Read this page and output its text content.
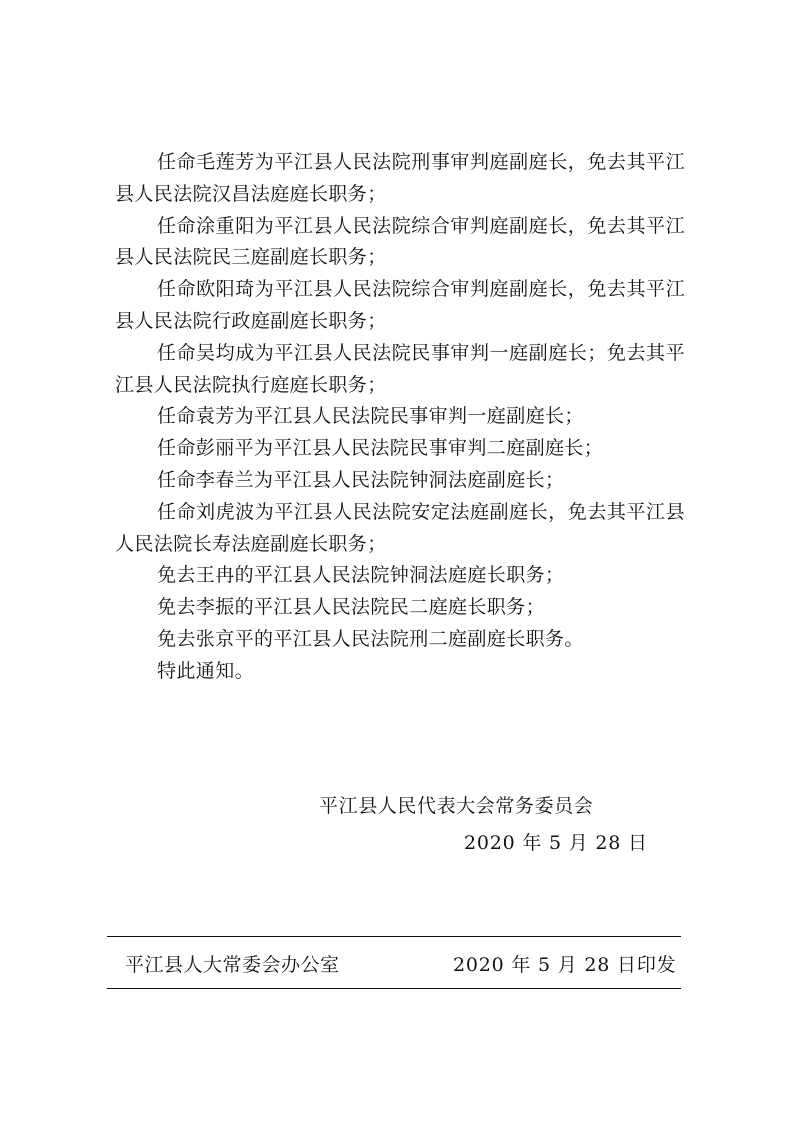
任命毛莲芳为平江县人民法院刑事审判庭副庭长，免去其平江县人民法院汉昌法庭庭长职务；

任命涂重阳为平江县人民法院综合审判庭副庭长，免去其平江县人民法院民三庭副庭长职务；

任命欧阳琦为平江县人民法院综合审判庭副庭长，免去其平江县人民法院行政庭副庭长职务；

任命吴均成为平江县人民法院民事审判一庭副庭长；免去其平江县人民法院执行庭庭长职务；

任命袁芳为平江县人民法院民事审判一庭副庭长；

任命彭丽平为平江县人民法院民事审判二庭副庭长；

任命李春兰为平江县人民法院钟洞法庭副庭长；

任命刘虎波为平江县人民法院安定法庭副庭长，免去其平江县人民法院长寿法庭副庭长职务；

免去王冉的平江县人民法院钟洞法庭庭长职务；

免去李振的平江县人民法院民二庭庭长职务；

免去张京平的平江县人民法院刑二庭副庭长职务。

特此通知。

平江县人民代表大会常务委员会
2020 年 5 月 28 日
平江县人大常委会办公室	2020 年 5 月 28 日印发
